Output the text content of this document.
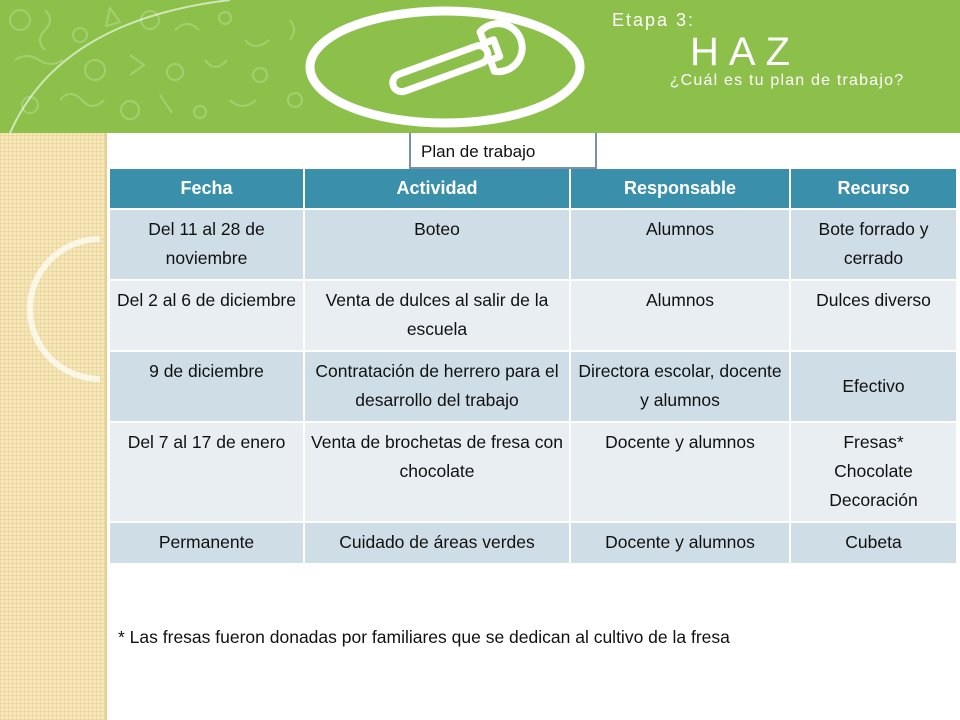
Etapa 3:
HAZ
¿Cuál es tu plan de trabajo?
Plan de trabajo
Fecha	Actividad	Responsable	Recurso
Del 11 al 28 de noviembre	Boteo	Alumnos	Bote forrado y cerrado
Del 2 al 6 de diciembre	Venta de dulces al salir de la escuela	Alumnos	Dulces diverso
9 de diciembre	Contratación de herrero para el desarrollo del trabajo	Directora escolar, docente y alumnos	Efectivo
Del 7 al 17 de enero	Venta de brochetas de fresa con chocolate	Docente y alumnos	Fresas*
Chocolate
Decoración

Permanente	Cuidado de áreas verdes	Docente y alumnos	Cubeta
* Las fresas fueron donadas por familiares que se dedican al cultivo de la fresa
